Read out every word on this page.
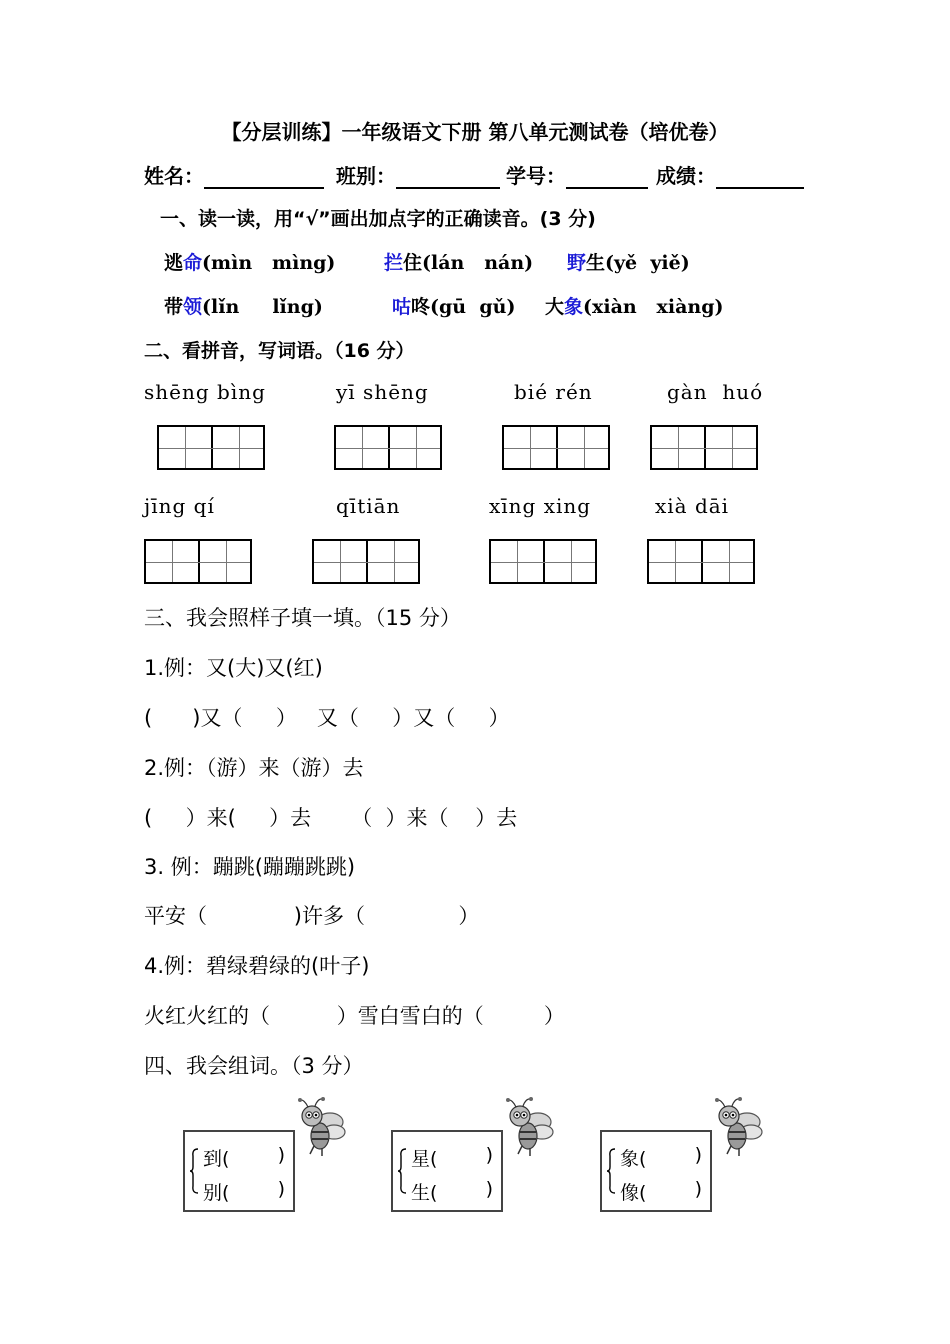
【分层训练】一年级语文下册 第八单元测试卷（培优卷）
姓名：	班别：	学号：	成绩：
一、读一读，用“√”画出加点字的正确读音。(3 分)
逃命(mìn   mìng)	拦住(lán   nán) 野生(yě  yiě)
带领(lǐn     lǐng)	咕咚(gū  gǔ) 大象(xiàn   xiàng)
二、看拼音，写词语。（16 分）
shēng bìng	yī shēng	bié rén	gàn  huó
jīng qí	qītiān	xīng xing	xià dāi
三、我会照样子填一填。（15 分）
1.例：又(大)又(红)
(      )又（     ）   又（     ）又（     ）
2.例：（游）来（游）去
(     ）来(     ）去      （  ）来（    ）去
3. 例：蹦跳(蹦蹦跳跳)
平安（             )许多（              ）
4.例：碧绿碧绿的(叶子)
火红火红的（          ）雪白雪白的（         ）
四、我会组词。（3 分）
到(	)
别(	)
星(	)
生(	)
象(	)
像(	)
